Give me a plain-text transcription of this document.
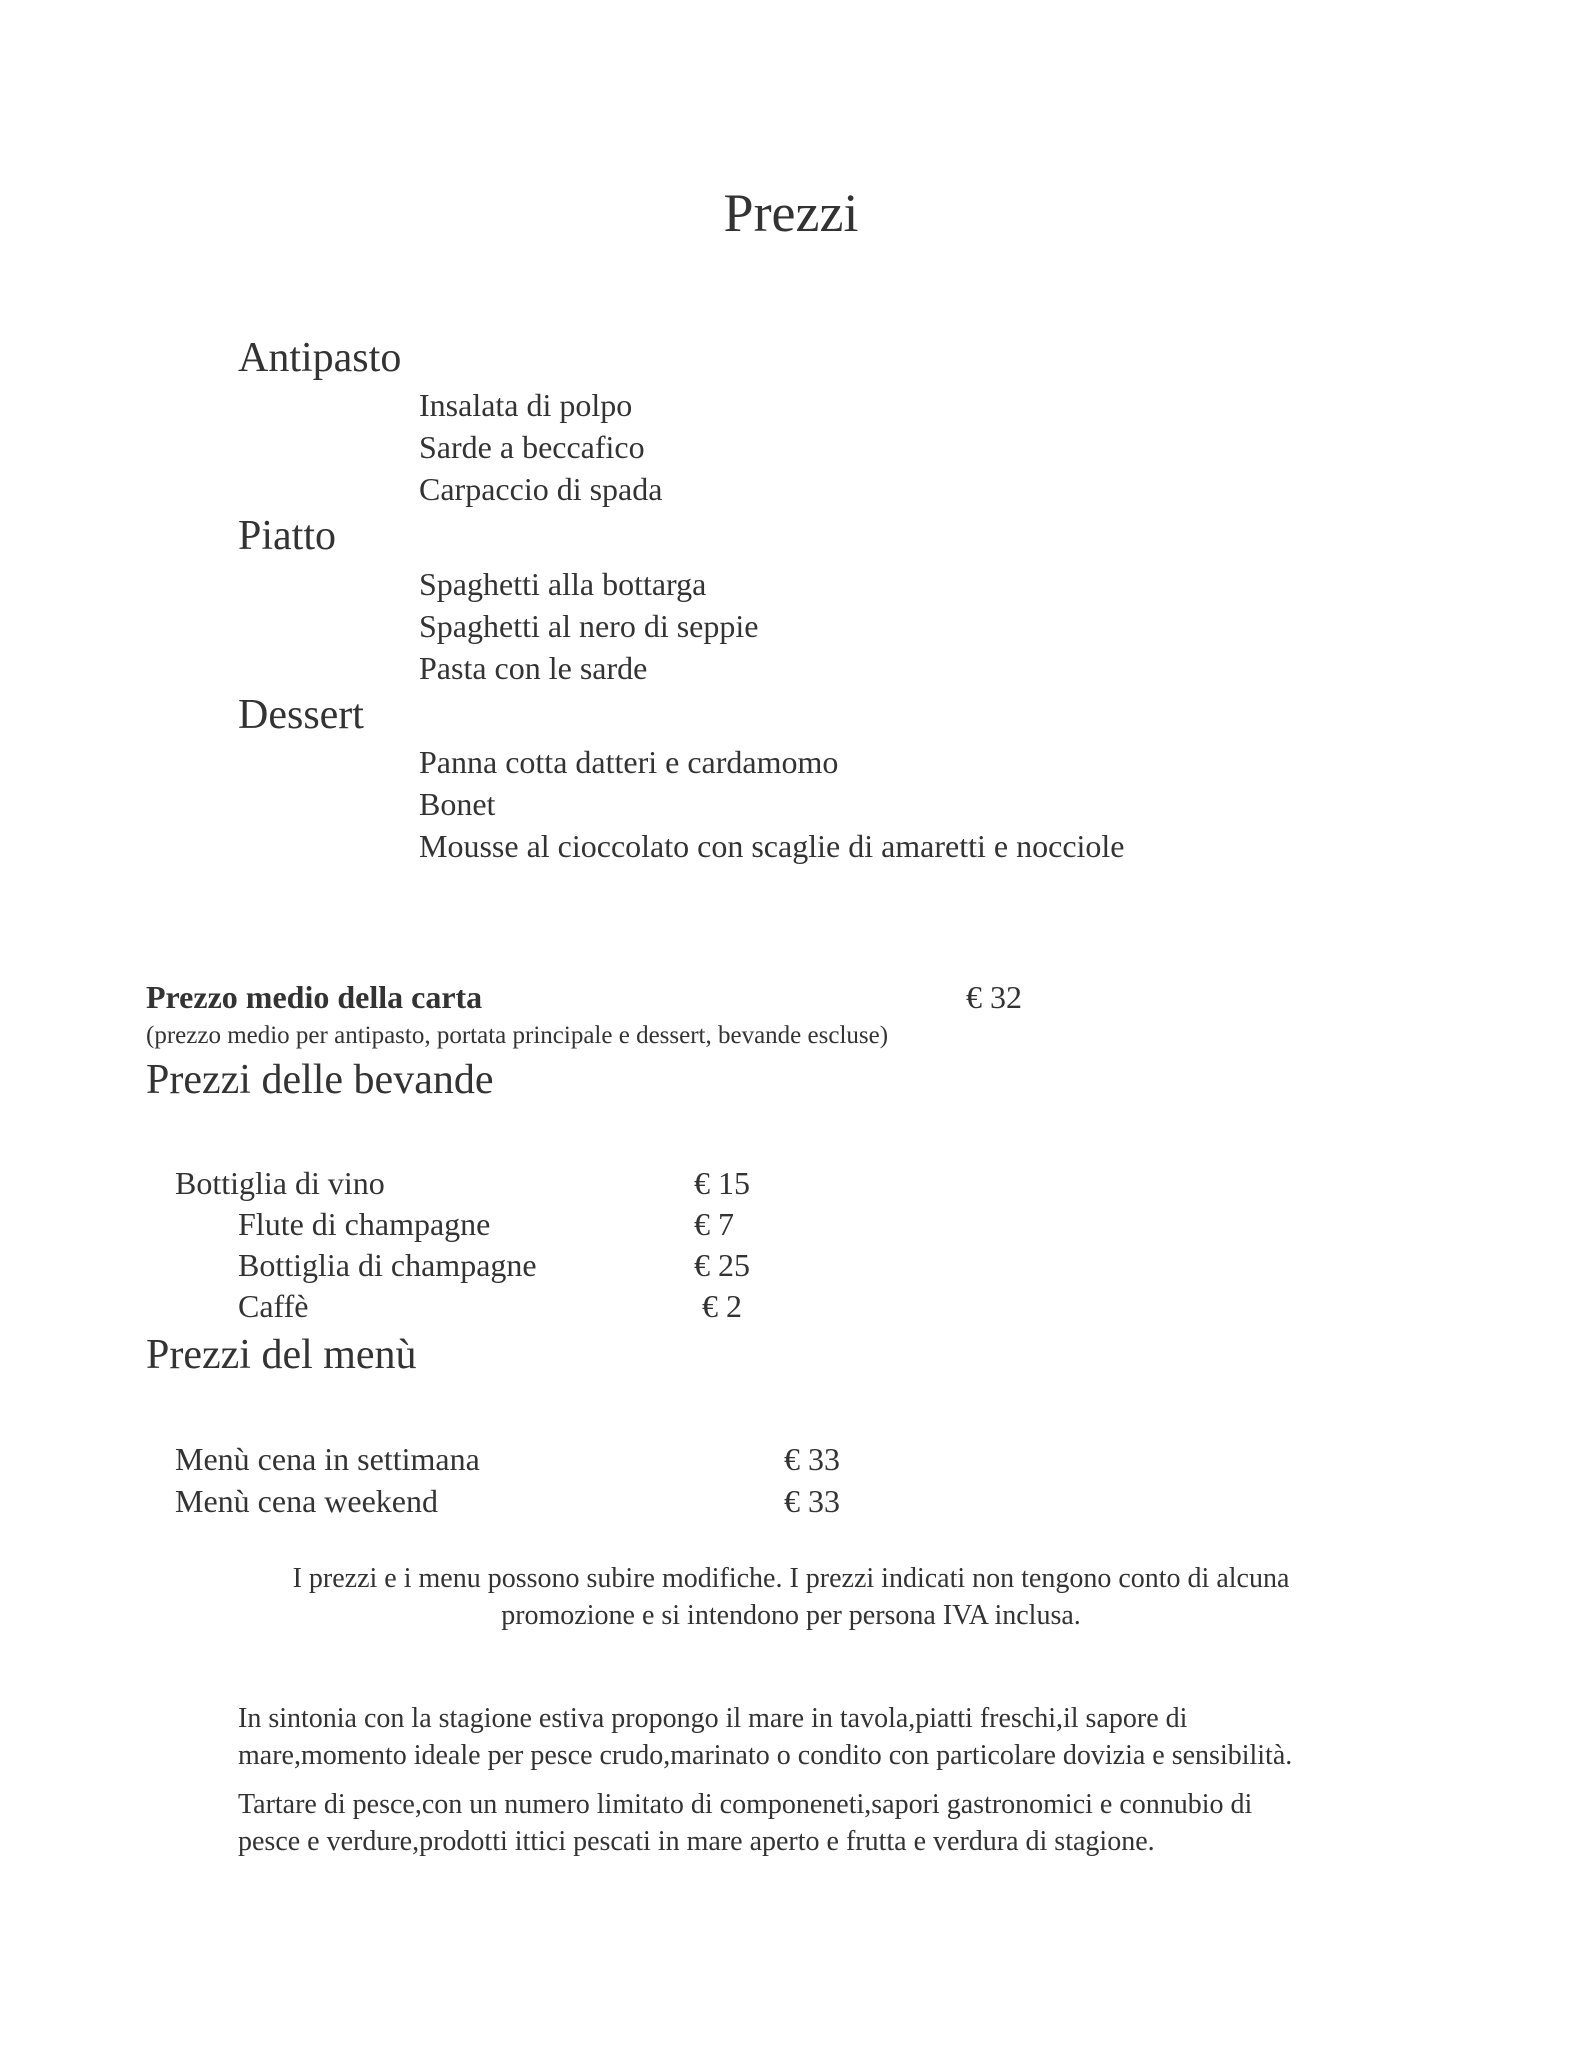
Prezzi
Antipasto
Insalata di polpo
Sarde a beccafico
Carpaccio di spada
Piatto
Spaghetti alla bottarga
Spaghetti al nero di seppie
Pasta con le sarde
Dessert
Panna cotta datteri e cardamomo
Bonet
Mousse al cioccolato con scaglie di amaretti e nocciole
Prezzo medio della carta	€ 32
(prezzo medio per antipasto, portata principale e dessert, bevande escluse)
Prezzi delle bevande
Bottiglia di vino	€ 15
Flute di champagne	€ 7
Bottiglia di champagne	€ 25
Caffè	€ 2
Prezzi del menù
Menù cena in settimana	€ 33
Menù cena weekend	€ 33
I prezzi e i menu possono subire modifiche. I prezzi indicati non tengono conto di alcuna
promozione e si intendono per persona IVA inclusa.
In sintonia con la stagione estiva propongo il mare in tavola,piatti freschi,il sapore di
mare,momento ideale per pesce crudo,marinato o condito con particolare dovizia e sensibilità.
Tartare di pesce,con un numero limitato di componeneti,sapori gastronomici e connubio di
pesce e verdure,prodotti ittici pescati in mare aperto e frutta e verdura di stagione.
